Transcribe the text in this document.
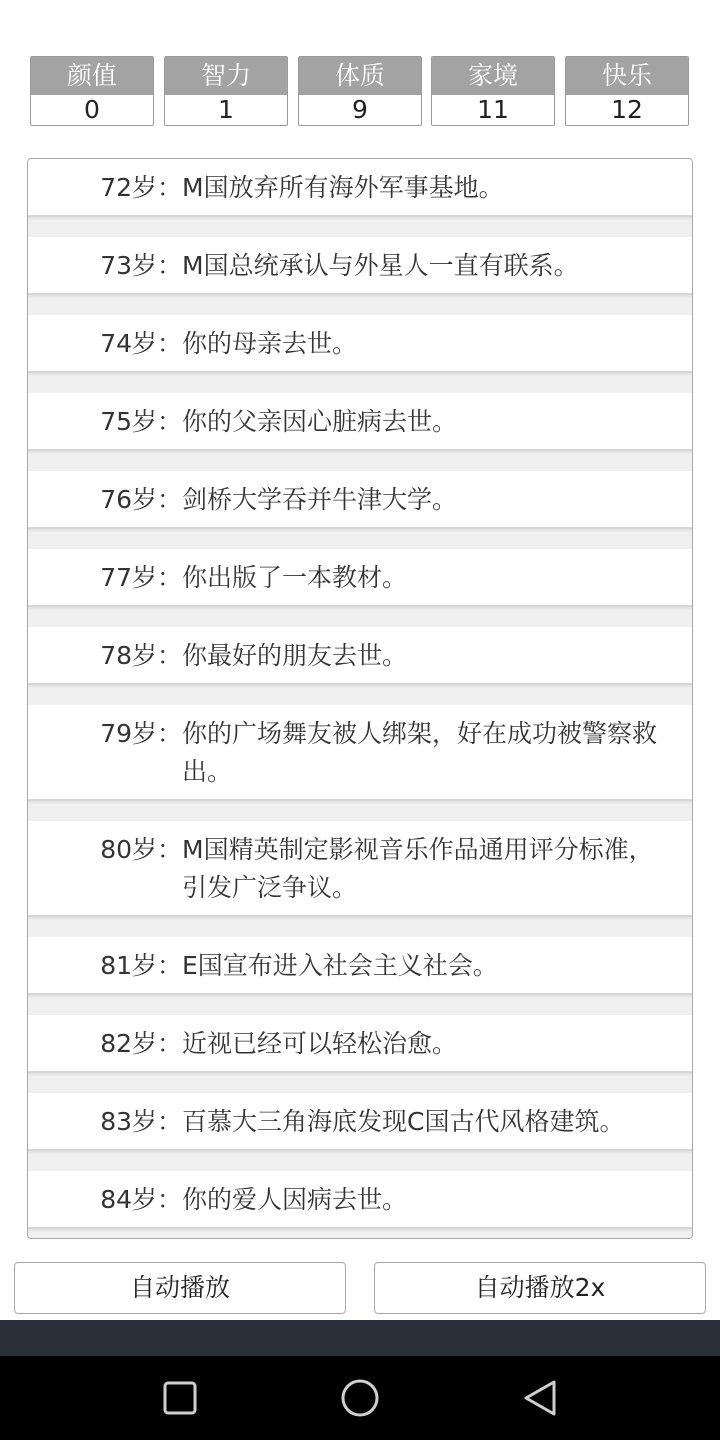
颜值
0
智力
1
体质
9
家境
11
快乐
12
72岁： M国放弃所有海外军事基地。
73岁： M国总统承认与外星人一直有联系。
74岁： 你的母亲去世。
75岁： 你的父亲因心脏病去世。
76岁： 剑桥大学吞并牛津大学。
77岁： 你出版了一本教材。
78岁： 你最好的朋友去世。
79岁： 你的广场舞友被人绑架，好在成功被警察救出。
80岁： M国精英制定影视音乐作品通用评分标准，引发广泛争议。
81岁： E国宣布进入社会主义社会。
82岁： 近视已经可以轻松治愈。
83岁： 百慕大三角海底发现C国古代风格建筑。
84岁： 你的爱人因病去世。
自动播放	自动播放2x
